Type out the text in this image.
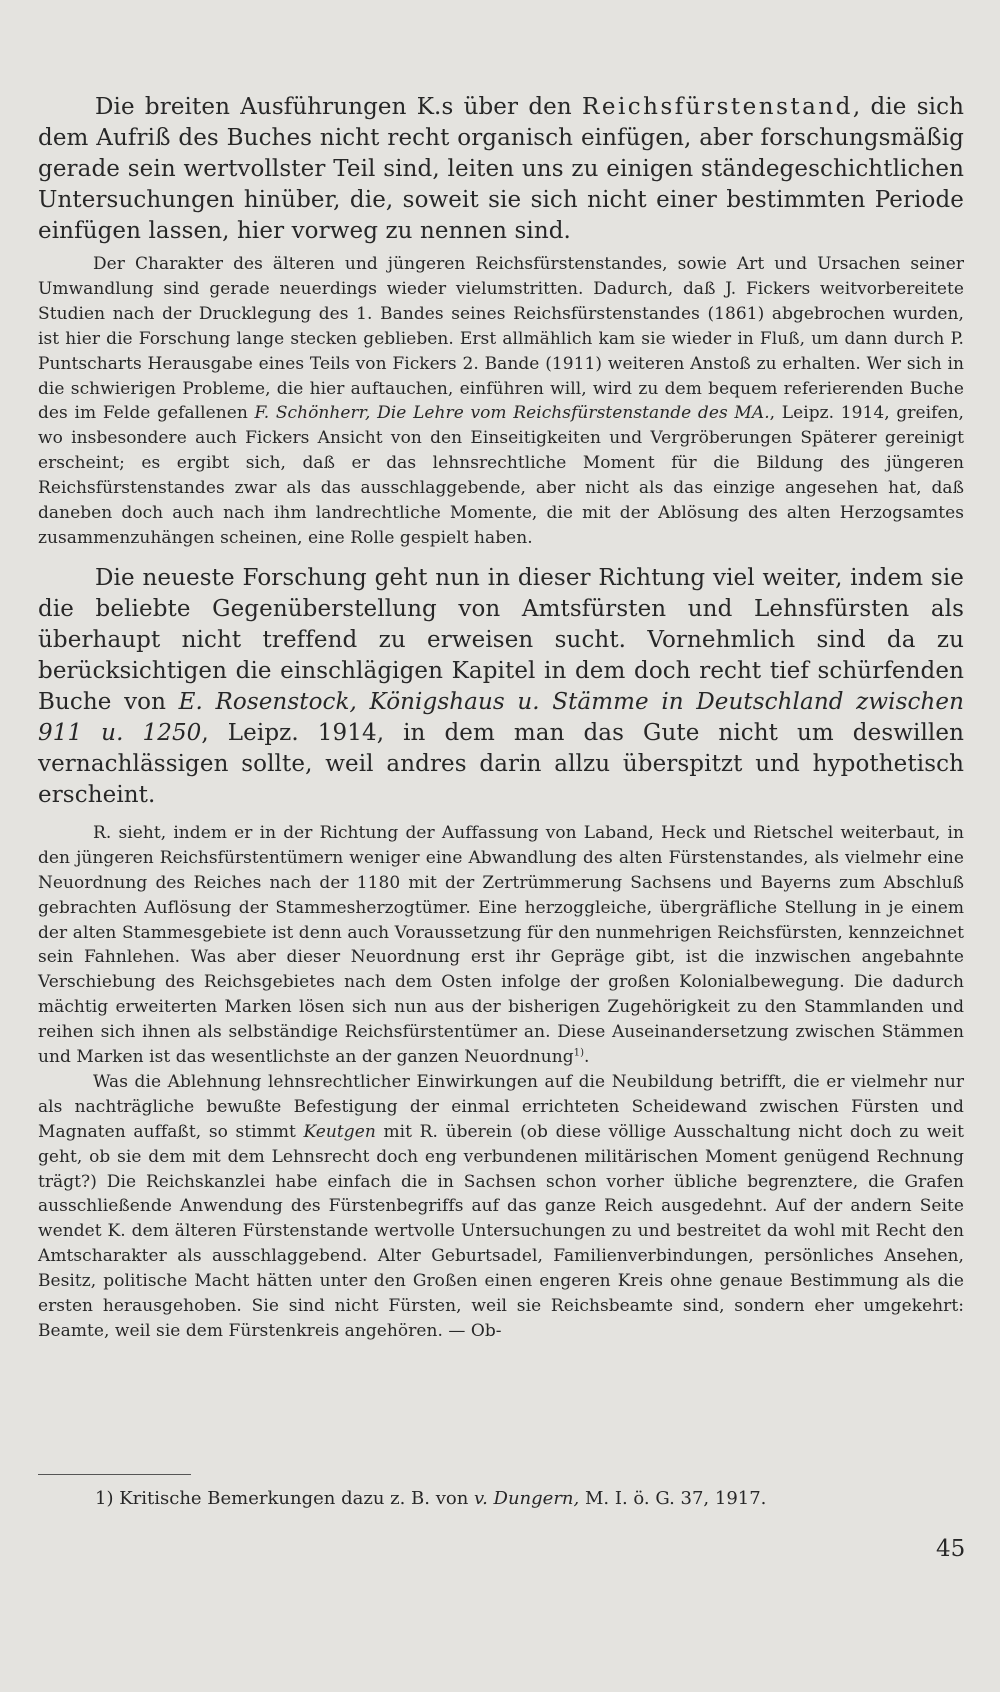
Die breiten Ausführungen K.s über den Reichsfürstenstand, die sich dem Aufriß des Buches nicht recht organisch einfügen, aber forschungsmäßig gerade sein wertvollster Teil sind, leiten uns zu einigen ständegeschichtlichen Untersuchungen hinüber, die, soweit sie sich nicht einer bestimmten Periode einfügen lassen, hier vorweg zu nennen sind.

Der Charakter des älteren und jüngeren Reichsfürstenstandes, sowie Art und Ursachen seiner Umwandlung sind gerade neuerdings wieder vielumstritten. Dadurch, daß J. Fickers weitvorbereitete Studien nach der Drucklegung des 1. Bandes seines Reichsfürstenstandes (1861) abgebrochen wurden, ist hier die Forschung lange stecken geblieben. Erst allmählich kam sie wieder in Fluß, um dann durch P. Puntscharts Herausgabe eines Teils von Fickers 2. Bande (1911) weiteren Anstoß zu erhalten. Wer sich in die schwierigen Probleme, die hier auftauchen, einführen will, wird zu dem bequem referierenden Buche des im Felde gefallenen F. Schönherr, Die Lehre vom Reichsfürstenstande des MA., Leipz. 1914, greifen, wo insbesondere auch Fickers Ansicht von den Einseitigkeiten und Vergröberungen Späterer gereinigt erscheint; es ergibt sich, daß er das lehnsrechtliche Moment für die Bildung des jüngeren Reichsfürstenstandes zwar als das ausschlaggebende, aber nicht als das einzige angesehen hat, daß daneben doch auch nach ihm landrechtliche Momente, die mit der Ablösung des alten Herzogsamtes zusammenzuhängen scheinen, eine Rolle gespielt haben.

Die neueste Forschung geht nun in dieser Richtung viel weiter, indem sie die beliebte Gegenüberstellung von Amtsfürsten und Lehnsfürsten als überhaupt nicht treffend zu erweisen sucht. Vornehmlich sind da zu berücksichtigen die einschlägigen Kapitel in dem doch recht tief schürfenden Buche von E. Rosenstock, Königshaus u. Stämme in Deutschland zwischen 911 u. 1250, Leipz. 1914, in dem man das Gute nicht um deswillen vernachlässigen sollte, weil andres darin allzu überspitzt und hypothetisch erscheint.

R. sieht, indem er in der Richtung der Auffassung von Laband, Heck und Rietschel weiterbaut, in den jüngeren Reichsfürstentümern weniger eine Abwandlung des alten Fürstenstandes, als vielmehr eine Neuordnung des Reiches nach der 1180 mit der Zertrümmerung Sachsens und Bayerns zum Abschluß gebrachten Auflösung der Stammesherzogtümer. Eine herzoggleiche, übergräfliche Stellung in je einem der alten Stammesgebiete ist denn auch Voraussetzung für den nunmehrigen Reichsfürsten, kennzeichnet sein Fahnlehen. Was aber dieser Neuordnung erst ihr Gepräge gibt, ist die inzwischen angebahnte Verschiebung des Reichsgebietes nach dem Osten infolge der großen Kolonialbewegung. Die dadurch mächtig erweiterten Marken lösen sich nun aus der bisherigen Zugehörigkeit zu den Stammlanden und reihen sich ihnen als selbständige Reichsfürstentümer an. Diese Auseinandersetzung zwischen Stämmen und Marken ist das wesentlichste an der ganzen Neuordnung$^{1)}$.

Was die Ablehnung lehnsrechtlicher Einwirkungen auf die Neubildung betrifft, die er vielmehr nur als nachträgliche bewußte Befestigung der einmal errichteten Scheidewand zwischen Fürsten und Magnaten auffaßt, so stimmt Keutgen mit R. überein (ob diese völlige Ausschaltung nicht doch zu weit geht, ob sie dem mit dem Lehnsrecht doch eng verbundenen militärischen Moment genügend Rechnung trägt?) Die Reichskanzlei habe einfach die in Sachsen schon vorher übliche begrenztere, die Grafen ausschließende Anwendung des Fürstenbegriffs auf das ganze Reich ausgedehnt. Auf der andern Seite wendet K. dem älteren Fürstenstande wertvolle Untersuchungen zu und bestreitet da wohl mit Recht den Amtscharakter als ausschlaggebend. Alter Geburtsadel, Familienverbindungen, persönliches Ansehen, Besitz, politische Macht hätten unter den Großen einen engeren Kreis ohne genaue Bestimmung als die ersten herausgehoben. Sie sind nicht Fürsten, weil sie Reichsbeamte sind, sondern eher umgekehrt: Beamte, weil sie dem Fürstenkreis angehören. — Ob-

1) Kritische Bemerkungen dazu z. B. von v. Dungern, M. I. ö. G. 37, 1917.
45
